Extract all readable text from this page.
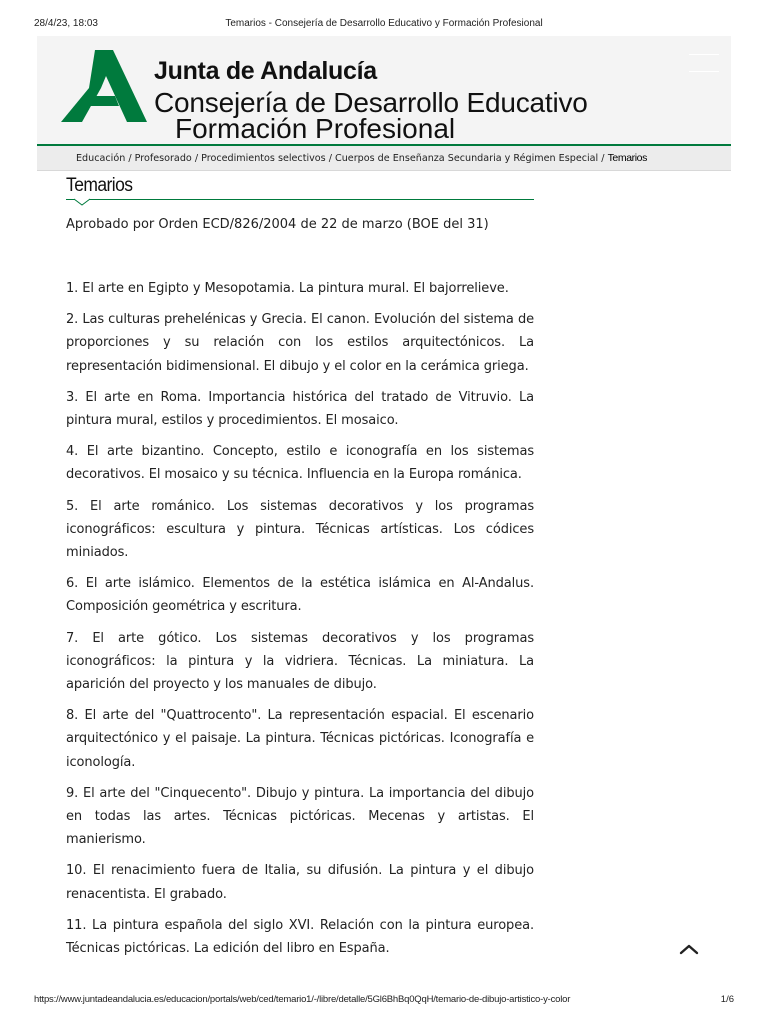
28/4/23, 18:03	Temarios - Consejería de Desarrollo Educativo y Formación Profesional
Junta de Andalucía
Consejería de Desarrollo Educativo
Formación Profesional
Educación / Profesorado / Procedimientos selectivos / Cuerpos de Enseñanza Secundaria y Régimen Especial / Temarios
Temarios
Aprobado por Orden ECD/826/2004 de 22 de marzo (BOE del 31)

1. El arte en Egipto y Mesopotamia. La pintura mural. El bajorrelieve.

2. Las culturas prehelénicas y Grecia. El canon. Evolución del sistema de proporciones y su relación con los estilos arquitectónicos. La representación bidimensional. El dibujo y el color en la cerámica griega.

3. El arte en Roma. Importancia histórica del tratado de Vitruvio. La pintura mural, estilos y procedimientos. El mosaico.

4. El arte bizantino. Concepto, estilo e iconografía en los sistemas decorativos. El mosaico y su técnica. Influencia en la Europa románica.

5. El arte románico. Los sistemas decorativos y los programas iconográficos: escultura y pintura. Técnicas artísticas. Los códices miniados.

6. El arte islámico. Elementos de la estética islámica en Al-Andalus. Composición geométrica y escritura.

7. El arte gótico. Los sistemas decorativos y los programas iconográficos: la pintura y la vidriera. Técnicas. La miniatura. La aparición del proyecto y los manuales de dibujo.

8. El arte del "Quattrocento". La representación espacial. El escenario arquitectónico y el paisaje. La pintura. Técnicas pictóricas. Iconografía e iconología.

9. El arte del "Cinquecento". Dibujo y pintura. La importancia del dibujo en todas las artes. Técnicas pictóricas. Mecenas y artistas. El manierismo.

10. El renacimiento fuera de Italia, su difusión. La pintura y el dibujo renacentista. El grabado.

11. La pintura española del siglo XVI. Relación con la pintura europea. Técnicas pictóricas. La edición del libro en España.

https://www.juntadeandalucia.es/educacion/portals/web/ced/temario1/-/libre/detalle/5Gl6BhBq0QqH/temario-de-dibujo-artistico-y-color	1/6
